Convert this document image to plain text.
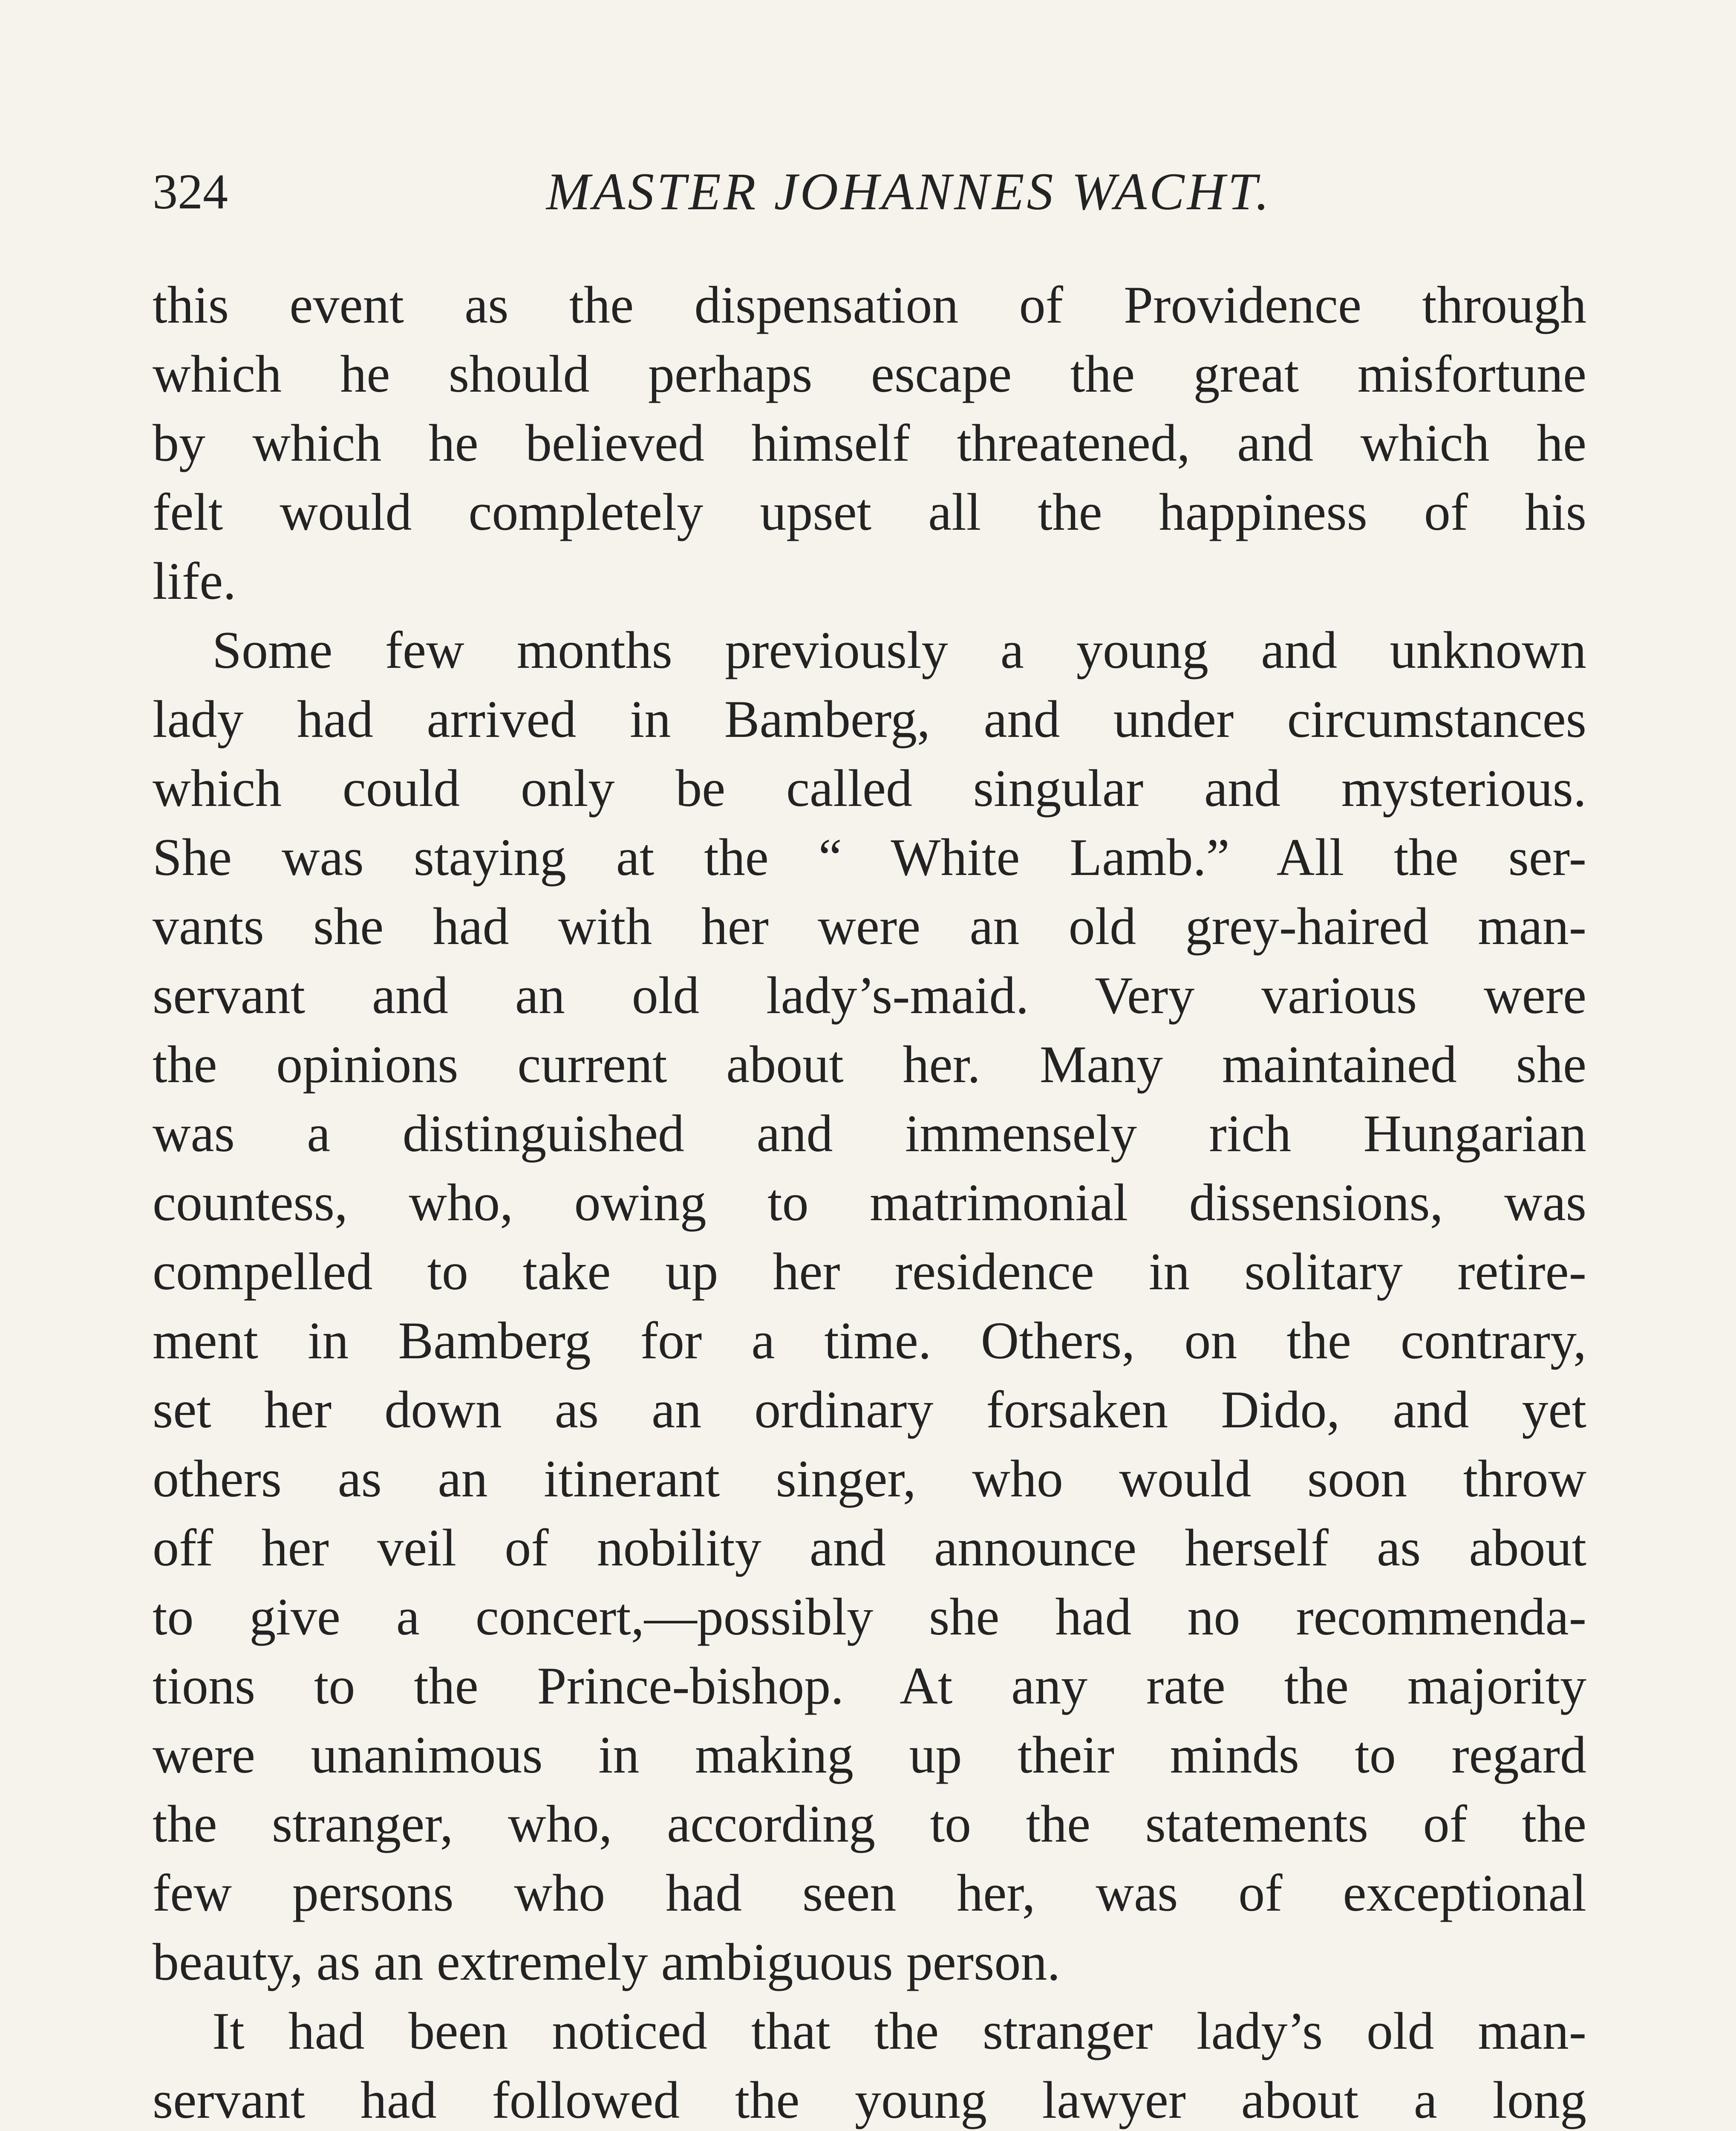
324	MASTER JOHANNES WACHT.
this event as the dispensation of Providence through
which he should perhaps escape the great misfortune
by which he believed himself threatened, and which he
felt would completely upset all the happiness of his
life.
Some few months previously a young and unknown
lady had arrived in Bamberg, and under circumstances
which could only be called singular and mysterious.
She was staying at the “ White Lamb.” All the ser-
vants she had with her were an old grey-haired man-
servant and an old lady’s-maid. Very various were
the opinions current about her. Many maintained she
was a distinguished and immensely rich Hungarian
countess, who, owing to matrimonial dissensions, was
compelled to take up her residence in solitary retire-
ment in Bamberg for a time. Others, on the contrary,
set her down as an ordinary forsaken Dido, and yet
others as an itinerant singer, who would soon throw
off her veil of nobility and announce herself as about
to give a concert,—possibly she had no recommenda-
tions to the Prince-bishop. At any rate the majority
were unanimous in making up their minds to regard
the stranger, who, according to the statements of the
few persons who had seen her, was of exceptional
beauty, as an extremely ambiguous person.
It had been noticed that the stranger lady’s old man-
servant had followed the young lawyer about a long
